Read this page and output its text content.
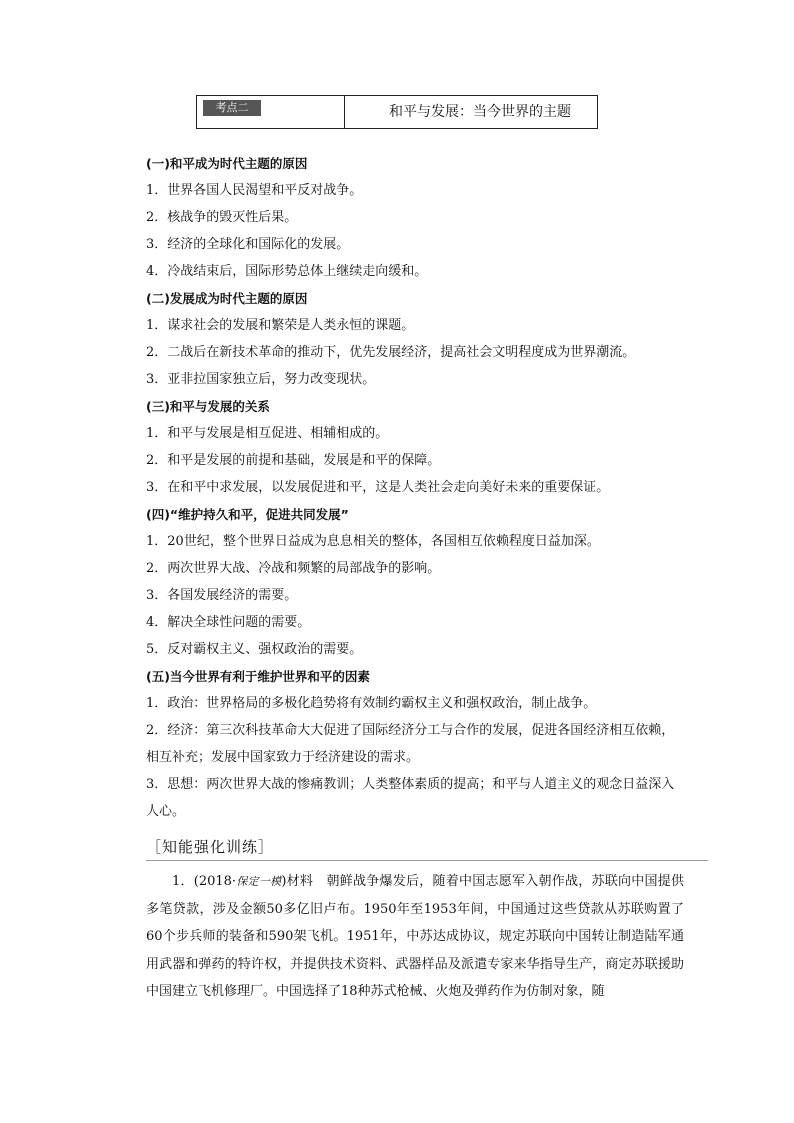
考点二	和平与发展：当今世界的主题
(一)和平成为时代主题的原因
1．世界各国人民渴望和平反对战争。
2．核战争的毁灭性后果。
3．经济的全球化和国际化的发展。
4．冷战结束后，国际形势总体上继续走向缓和。
(二)发展成为时代主题的原因
1．谋求社会的发展和繁荣是人类永恒的课题。
2．二战后在新技术革命的推动下，优先发展经济，提高社会文明程度成为世界潮流。
3．亚非拉国家独立后，努力改变现状。
(三)和平与发展的关系
1．和平与发展是相互促进、相辅相成的。
2．和平是发展的前提和基础，发展是和平的保障。
3．在和平中求发展，以发展促进和平，这是人类社会走向美好未来的重要保证。
(四)“维护持久和平，促进共同发展”
1．20世纪，整个世界日益成为息息相关的整体，各国相互依赖程度日益加深。
2．两次世界大战、冷战和频繁的局部战争的影响。
3．各国发展经济的需要。
4．解决全球性问题的需要。
5．反对霸权主义、强权政治的需要。
(五)当今世界有利于维护世界和平的因素
1．政治：世界格局的多极化趋势将有效制约霸权主义和强权政治，制止战争。
2．经济：第三次科技革命大大促进了国际经济分工与合作的发展，促进各国经济相互依赖，相互补充；发展中国家致力于经济建设的需求。
3．思想：两次世界大战的惨痛教训；人类整体素质的提高；和平与人道主义的观念日益深入人心。
［知能强化训练］
1．(2018·保定一模)材料　朝鲜战争爆发后，随着中国志愿军入朝作战，苏联向中国提供多笔贷款，涉及金额50多亿旧卢布。1950年至1953年间，中国通过这些贷款从苏联购置了60个步兵师的装备和590架飞机。1951年，中苏达成协议，规定苏联向中国转让制造陆军通用武器和弹药的特许权，并提供技术资料、武器样品及派遣专家来华指导生产，商定苏联援助中国建立飞机修理厂。中国选择了18种苏式枪械、火炮及弹药作为仿制对象，随
